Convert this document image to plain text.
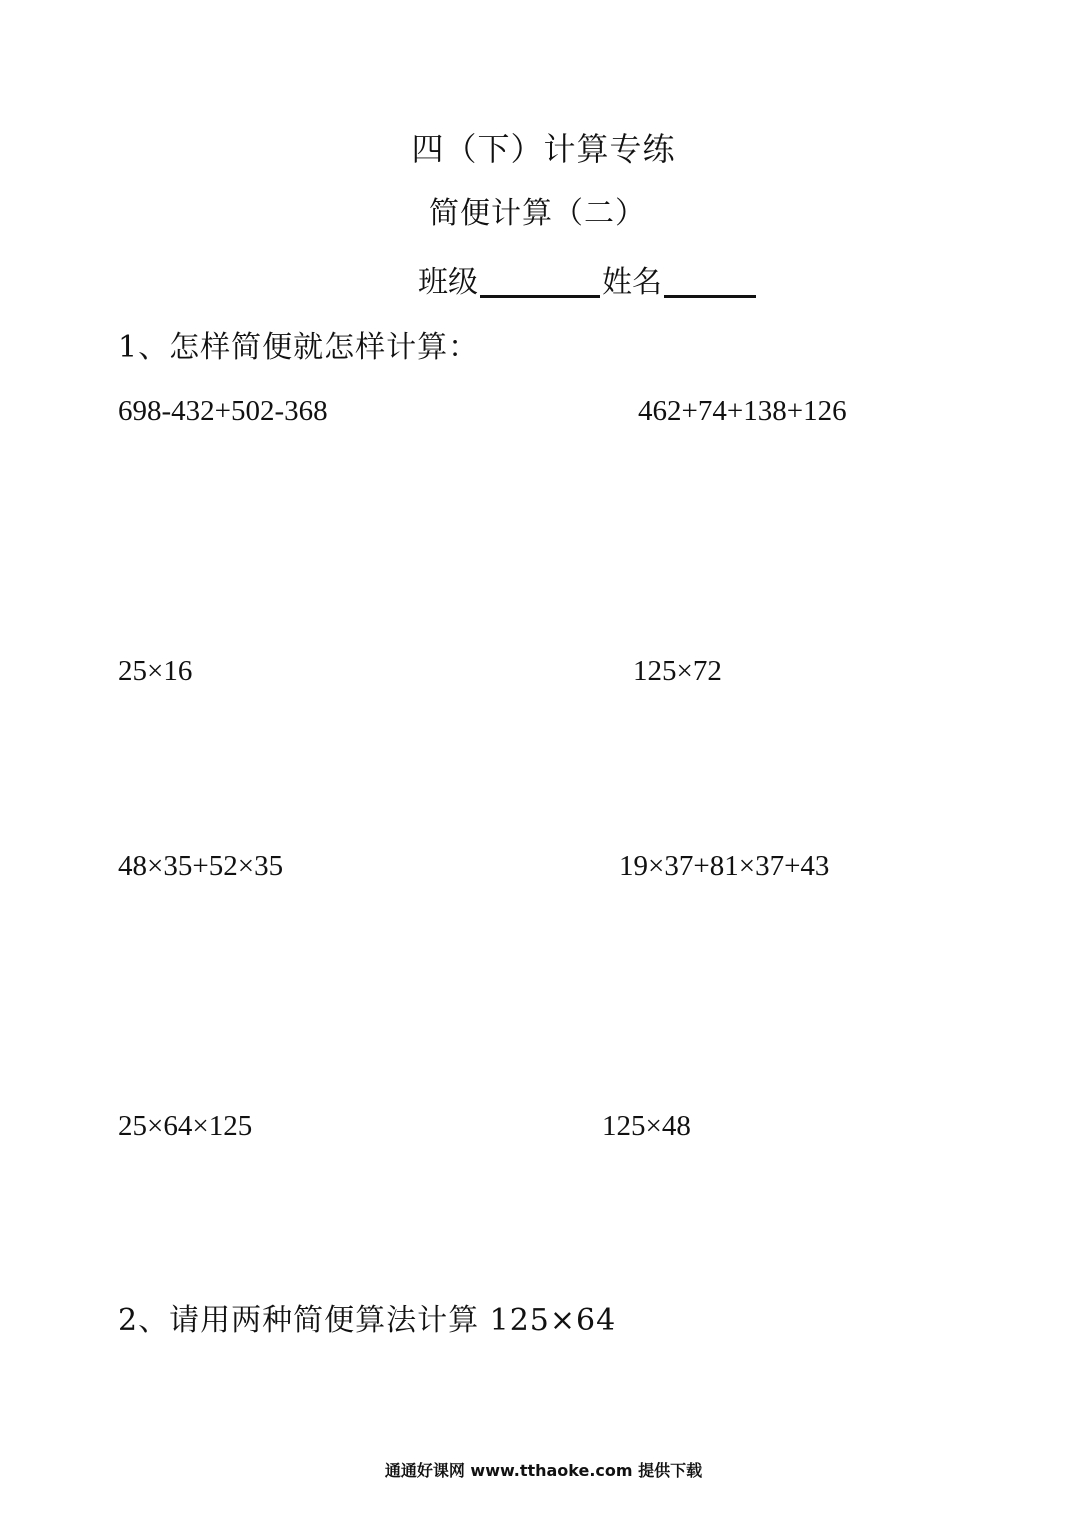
四（下）计算专练
简便计算（二）
班级	姓名
1、怎样简便就怎样计算：
698-432+502-368	462+74+138+126
25×16	125×72
48×35+52×35	19×37+81×37+43
25×64×125	125×48
2、请用两种简便算法计算 125×64
通通好课网 www.tthaoke.com 提供下载
